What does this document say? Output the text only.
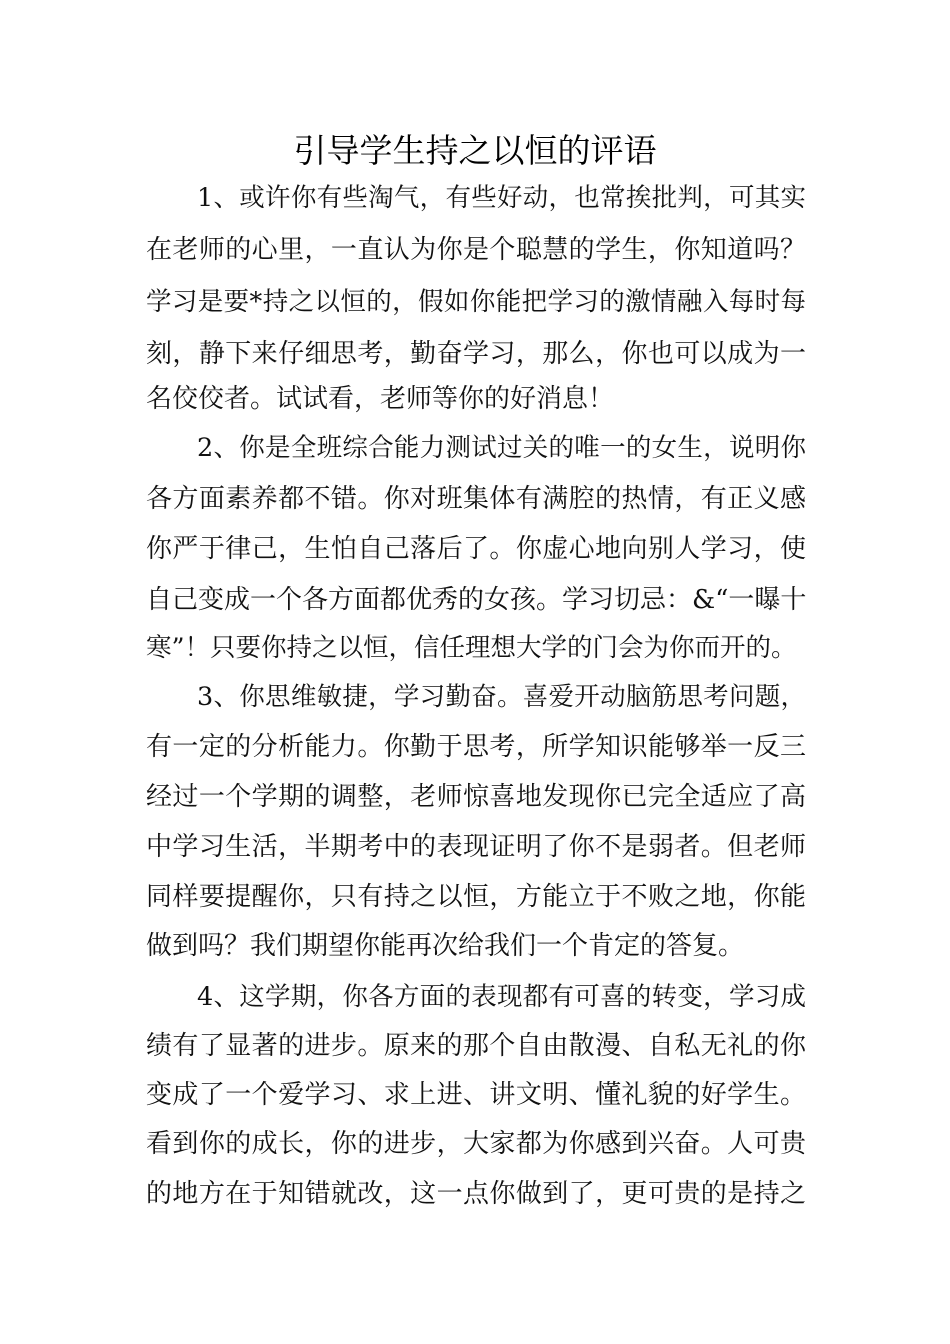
引导学生持之以恒的评语
1、或许你有些淘气，有些好动，也常挨批判，可其实
在老师的心里，一直认为你是个聪慧的学生，你知道吗？
学习是要*持之以恒的，假如你能把学习的激情融入每时每
刻，静下来仔细思考，勤奋学习，那么，你也可以成为一
名佼佼者。试试看，老师等你的好消息！
2、你是全班综合能力测试过关的唯一的女生，说明你
各方面素养都不错。你对班集体有满腔的热情，有正义感
你严于律己，生怕自己落后了。你虚心地向别人学习，使
自己变成一个各方面都优秀的女孩。学习切忌：&“一曝十
寒”！只要你持之以恒，信任理想大学的门会为你而开的。
3、你思维敏捷，学习勤奋。喜爱开动脑筋思考问题，
有一定的分析能力。你勤于思考，所学知识能够举一反三
经过一个学期的调整，老师惊喜地发现你已完全适应了高
中学习生活，半期考中的表现证明了你不是弱者。但老师
同样要提醒你，只有持之以恒，方能立于不败之地，你能
做到吗？我们期望你能再次给我们一个肯定的答复。
4、这学期，你各方面的表现都有可喜的转变，学习成
绩有了显著的进步。原来的那个自由散漫、自私无礼的你
变成了一个爱学习、求上进、讲文明、懂礼貌的好学生。
看到你的成长，你的进步，大家都为你感到兴奋。人可贵
的地方在于知错就改，这一点你做到了，更可贵的是持之
